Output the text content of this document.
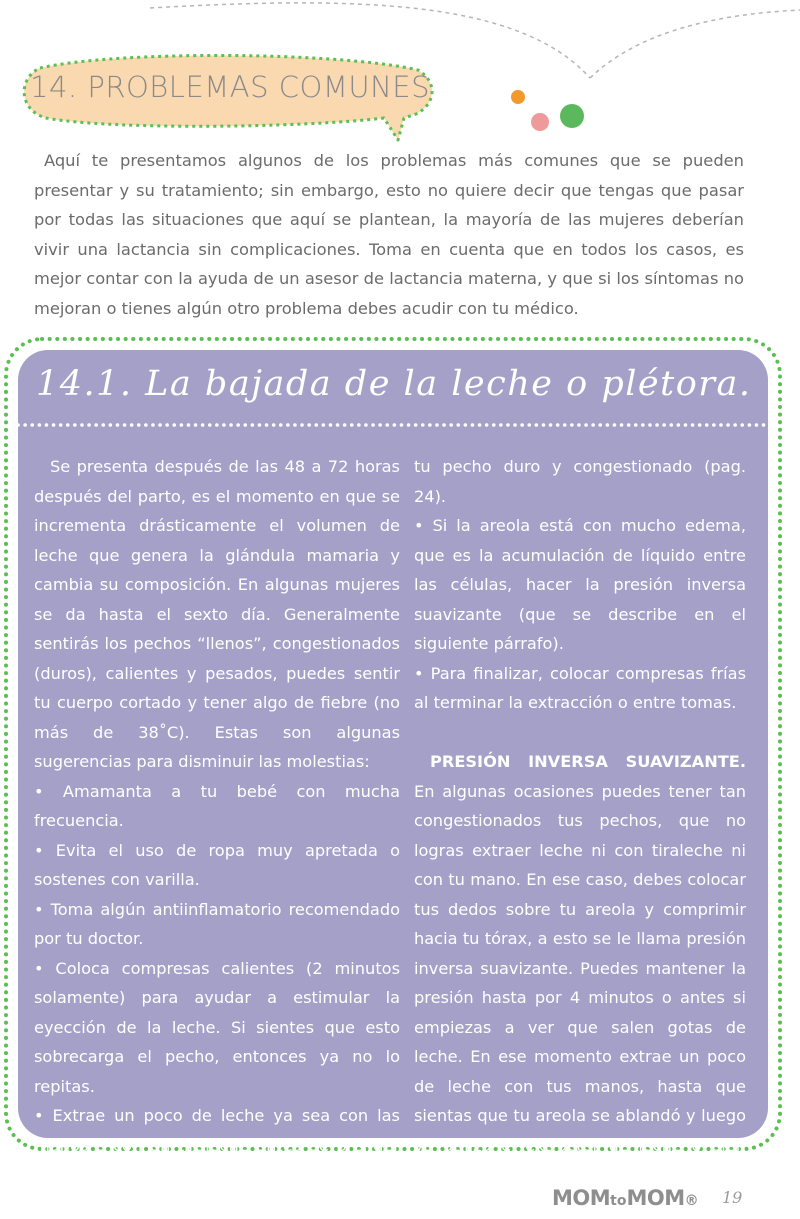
14. PROBLEMAS COMUNES

Aquí te presentamos algunos de los problemas más comunes que se pueden presentar y su tratamiento; sin embargo, esto no quiere decir que tengas que pasar por todas las situaciones que aquí se plantean, la mayoría de las mujeres deberían vivir una lactancia sin complicaciones. Toma en cuenta que en todos los casos, es mejor contar con la ayuda de un asesor de lactancia materna, y que si los síntomas no mejoran o tienes algún otro problema debes acudir con tu médico.

14.1. La bajada de la leche o plétora.

Se presenta después de las 48 a 72 horas después del parto, es el momento en que se incrementa drásticamente el volumen de leche que genera la glándula mamaria y cambia su composición. En algunas mujeres se da hasta el sexto día. Generalmente sentirás los pechos “llenos”, congestionados (duros), calientes y pesados, puedes sentir tu cuerpo cortado y tener algo de fiebre (no más de 38˚C). Estas son algunas sugerencias para disminuir las molestias:

• Amamanta a tu bebé con mucha frecuencia.

• Evita el uso de ropa muy apretada o sostenes con varilla.

• Toma algún antiinflamatorio recomendado por tu doctor.

• Coloca compresas calientes (2 minutos solamente) para ayudar a estimular la eyección de la leche. Si sientes que esto sobrecarga el pecho, entonces ya no lo repitas.

• Extrae un poco de leche ya sea con las manos o con un tiraleche antes de prender al pecho al bebé, ya que puede ser difícil para él estando

tu pecho duro y congestionado (pag. 24).

• Si la areola está con mucho edema, que es la acumulación de líquido entre las células, hacer la presión inversa suavizante (que se describe en el siguiente párrafo).

• Para finalizar, colocar compresas frías al terminar la extracción o entre tomas.

PRESIÓN INVERSA SUAVIZANTE. En algunas ocasiones puedes tener tan congestionados tus pechos, que no logras extraer leche ni con tiraleche ni con tu mano. En ese caso, debes colocar tus dedos sobre tu areola y comprimir hacia tu tórax, a esto se le llama presión inversa suavizante. Puedes mantener la presión hasta por 4 minutos o antes si empiezas a ver que salen gotas de leche. En ese momento extrae un poco de leche con tus manos, hasta que sientas que tu areola se ablandó y luego ya utiliza el extractor de leche o bien pon al bebé al pecho.

MOMtoMOM® 19
